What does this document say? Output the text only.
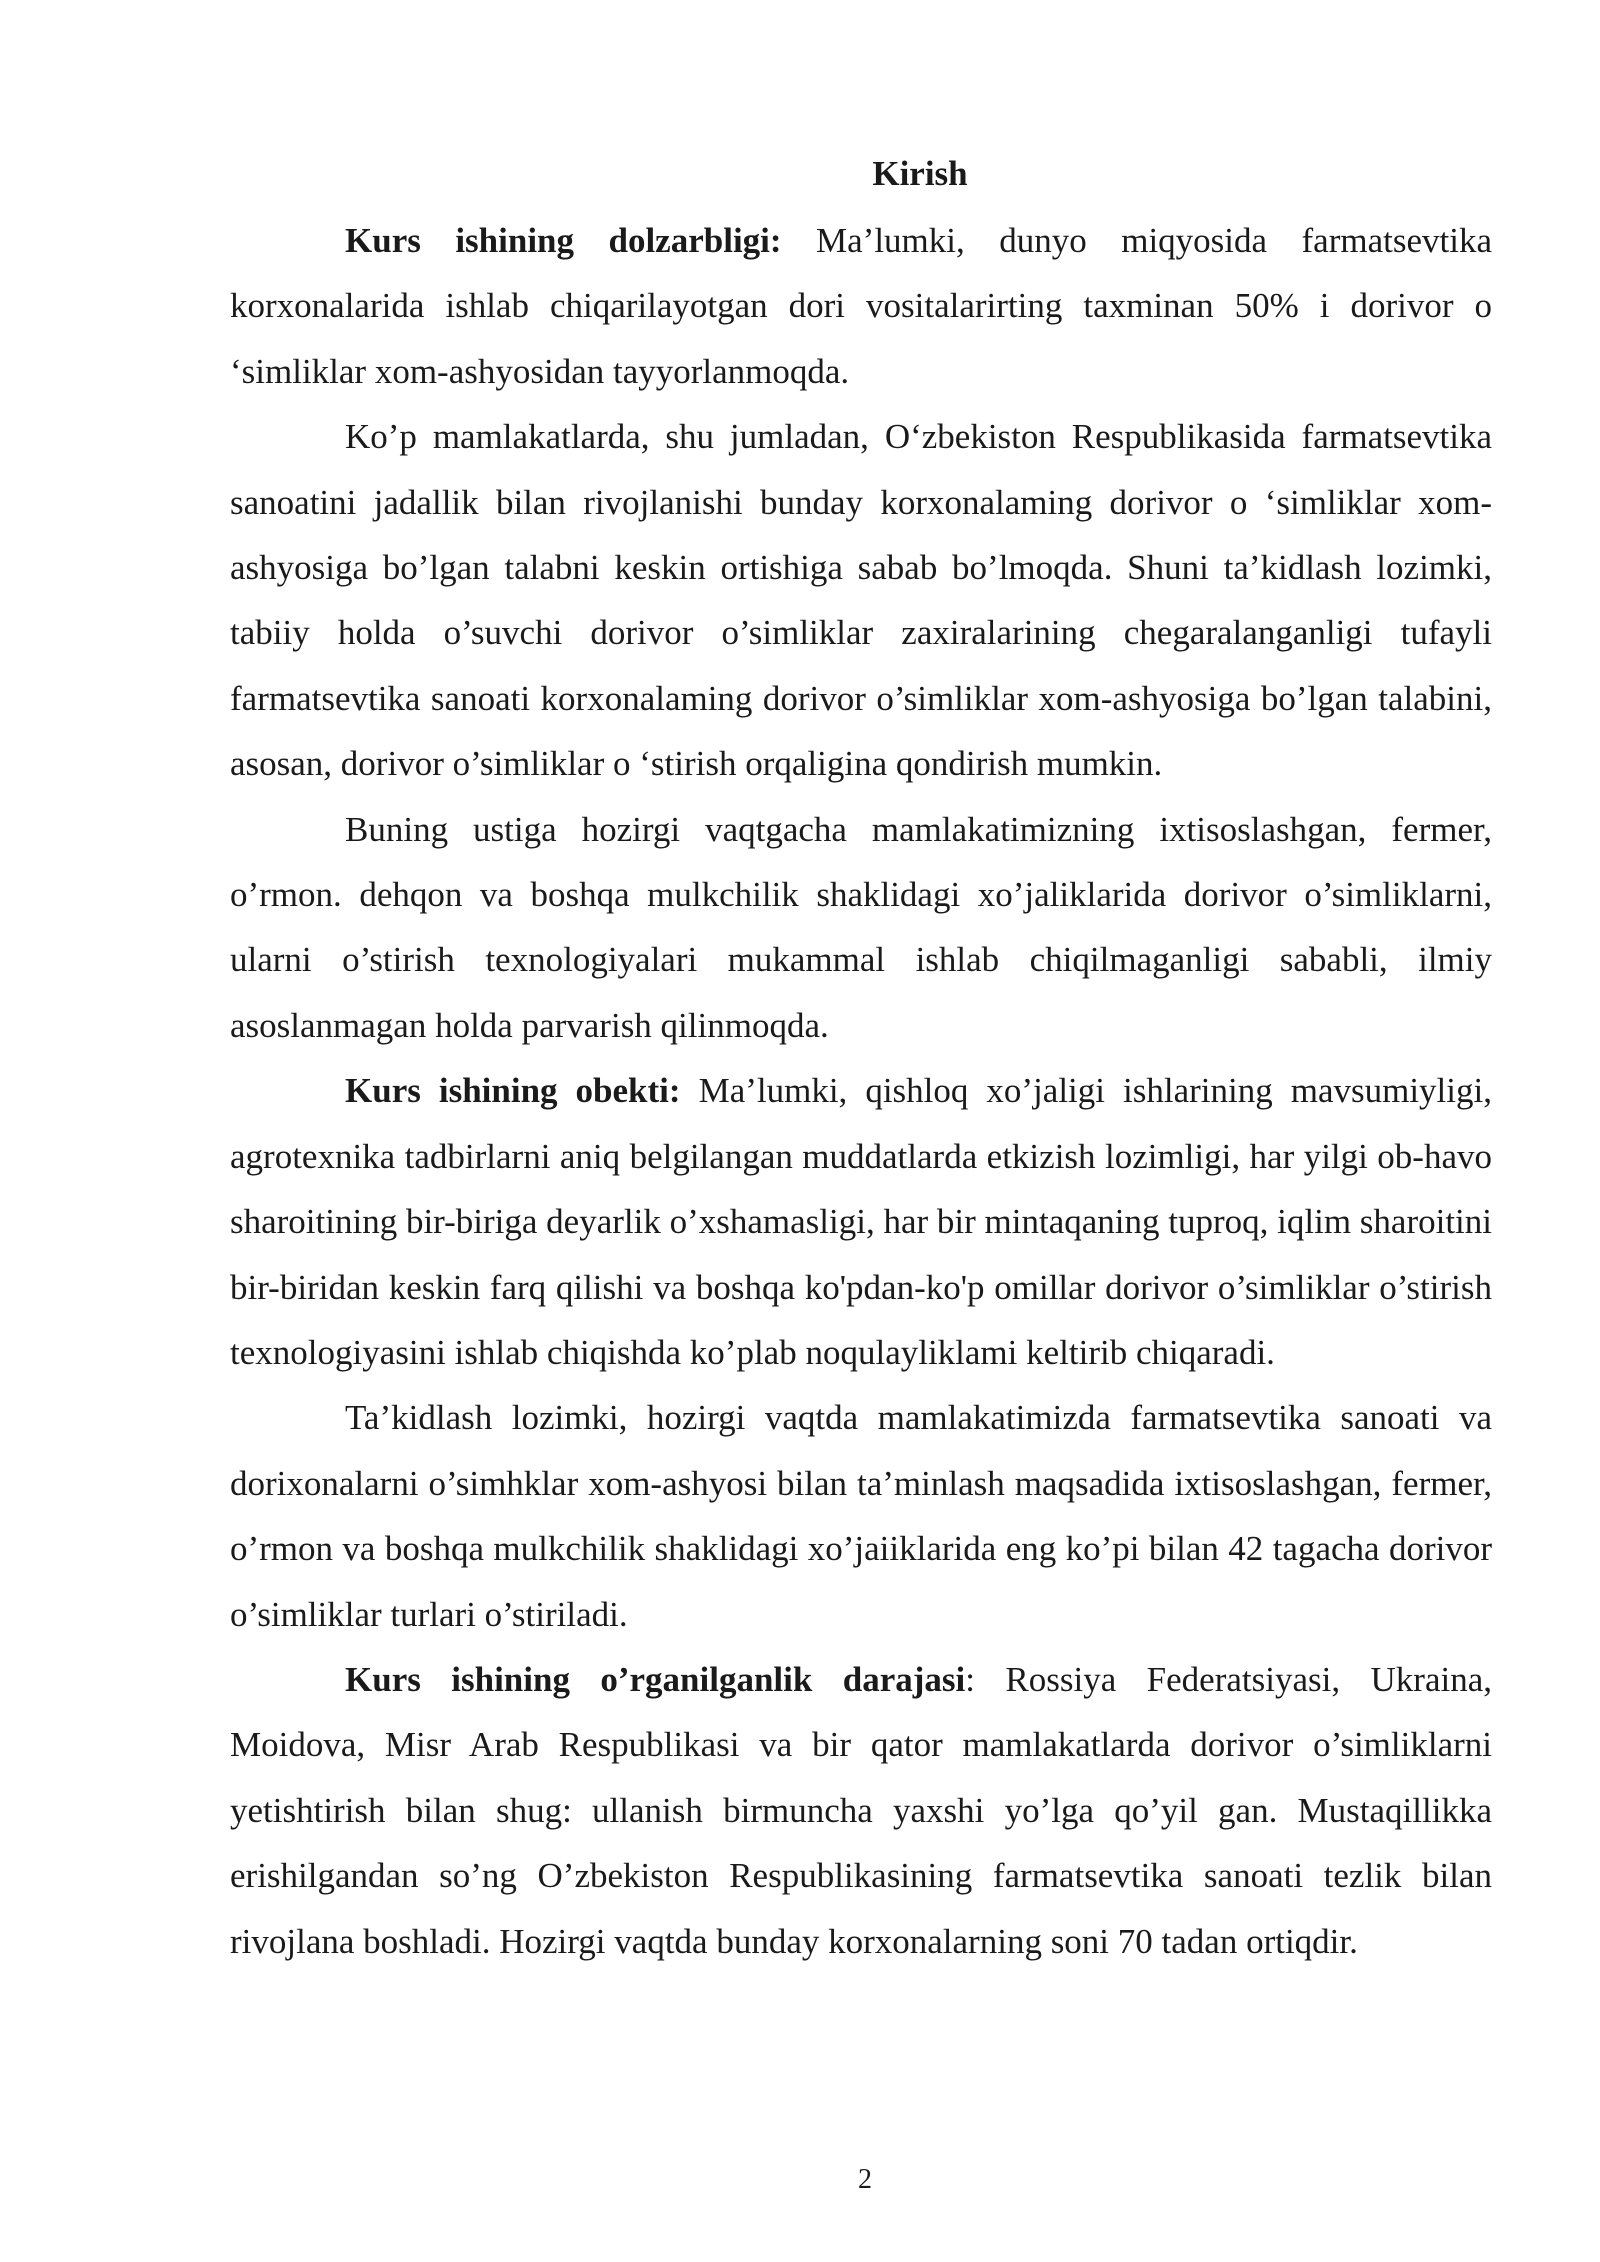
Kirish

Kurs ishining dolzarbligi: Ma’lumki, dunyo miqyosida farmatsevtika korxonalarida ishlab chiqarilayotgan dori vositalarirting taxminan 50% i dorivor o ‘simliklar xom-ashyosidan tayyorlanmoqda.

Ko’p mamlakatlarda, shu jumladan, O‘zbekiston Respublikasida farmatsevtika sanoatini jadallik bilan rivojlanishi bunday korxonalaming dorivor o ‘simliklar xom-ashyosiga bo’lgan talabni keskin ortishiga sabab bo’lmoqda. Shuni ta’kidlash lozimki, tabiiy holda o’suvchi dorivor o’simliklar zaxiralarining chegaralanganligi tufayli farmatsevtika sanoati korxonalaming dorivor o’simliklar xom-ashyosiga bo’lgan talabini, asosan, dorivor o’simliklar o ‘stirish orqaligina qondirish mumkin.

Buning ustiga hozirgi vaqtgacha mamlakatimizning ixtisoslashgan, fermer, o’rmon. dehqon va boshqa mulkchilik shaklidagi xo’jaliklarida dorivor o’simliklarni, ularni o’stirish texnologiyalari mukammal ishlab chiqilmaganligi sababli, ilmiy asoslanmagan holda parvarish qilinmoqda.

Kurs ishining obekti: Ma’lumki, qishloq xo’jaligi ishlarining mavsumiyligi, agrotexnika tadbirlarni aniq belgilangan muddatlarda etkizish lozimligi, har yilgi ob-havo sharoitining bir-biriga deyarlik o’xshamasligi, har bir mintaqaning tuproq, iqlim sharoitini bir-biridan keskin farq qilishi va boshqa ko'pdan-ko'p omillar dorivor o’simliklar o’stirish texnologiyasini ishlab chiqishda ko’plab noqulayliklami keltirib chiqaradi.

Ta’kidlash lozimki, hozirgi vaqtda mamlakatimizda farmatsevtika sanoati va dorixonalarni o’simhklar xom-ashyosi bilan ta’minlash maqsadida ixtisoslashgan, fermer, o’rmon va boshqa mulkchilik shaklidagi xo’jaiiklarida eng ko’pi bilan 42 tagacha dorivor o’simliklar turlari o’stiriladi.

Kurs ishining o’rganilganlik darajasi: Rossiya Federatsiyasi, Ukraina, Moidova, Misr Arab Respublikasi va bir qator mamlakatlarda dorivor o’simliklarni yetishtirish bilan shug: ullanish birmuncha yaxshi yo’lga qo’yil gan. Mustaqillikka erishilgandan so’ng O’zbekiston Respublikasining farmatsevtika sanoati tezlik bilan rivojlana boshladi. Hozirgi vaqtda bunday korxonalarning soni 70 tadan ortiqdir.

2
